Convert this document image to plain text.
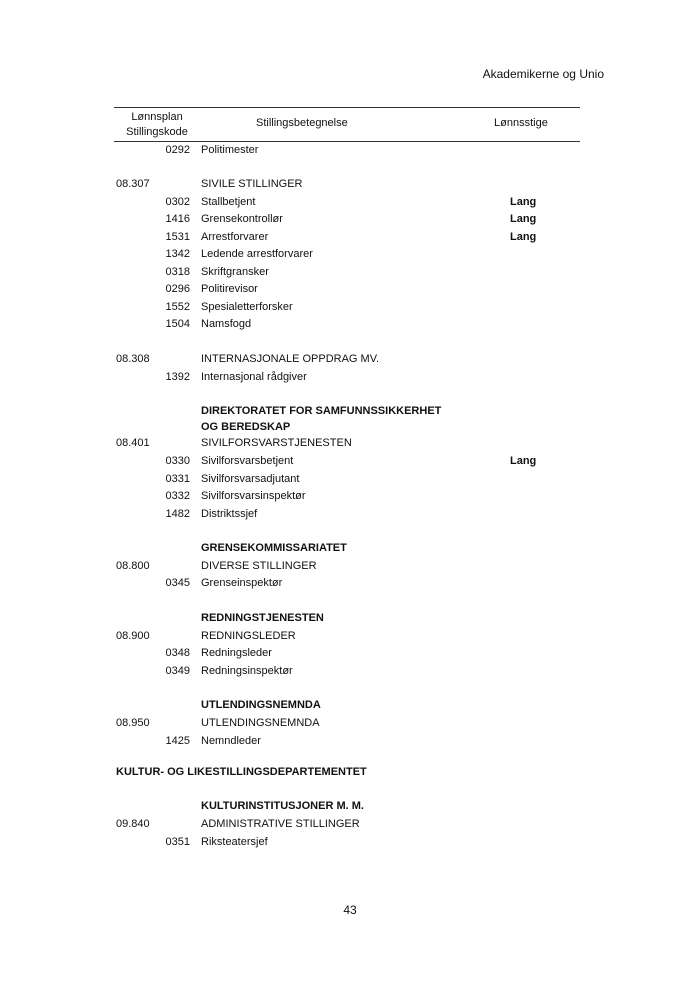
Akademikerne og Unio
Lønnsplan
Stillingskode
Stillingsbetegnelse	Lønnsstige
0292 Politimester
08.307	SIVILE STILLINGER
0302 Stallbetjent	Lang
1416 Grensekontrollør	Lang
1531 Arrestforvarer	Lang
1342 Ledende arrestforvarer
0318 Skriftgransker
0296 Politirevisor
1552 Spesialetterforsker
1504 Namsfogd
08.308	INTERNASJONALE OPPDRAG MV.
1392 Internasjonal rådgiver
DIREKTORATET FOR SAMFUNNSSIKKERHET
OG BEREDSKAP
08.401	SIVILFORSVARSTJENESTEN
0330 Sivilforsvarsbetjent	Lang
0331 Sivilforsvarsadjutant
0332 Sivilforsvarsinspektør
1482 Distriktssjef
GRENSEKOMMISSARIATET
08.800	DIVERSE STILLINGER
0345 Grenseinspektør
REDNINGSTJENESTEN
08.900	REDNINGSLEDER
0348 Redningsleder
0349 Redningsinspektør
UTLENDINGSNEMNDA
08.950	UTLENDINGSNEMNDA
1425 Nemndleder
KULTURINSTITUSJONER M. M.
09.840	ADMINISTRATIVE STILLINGER
0351 Riksteatersjef
KULTUR- OG LIKESTILLINGSDEPARTEMENTET
43
